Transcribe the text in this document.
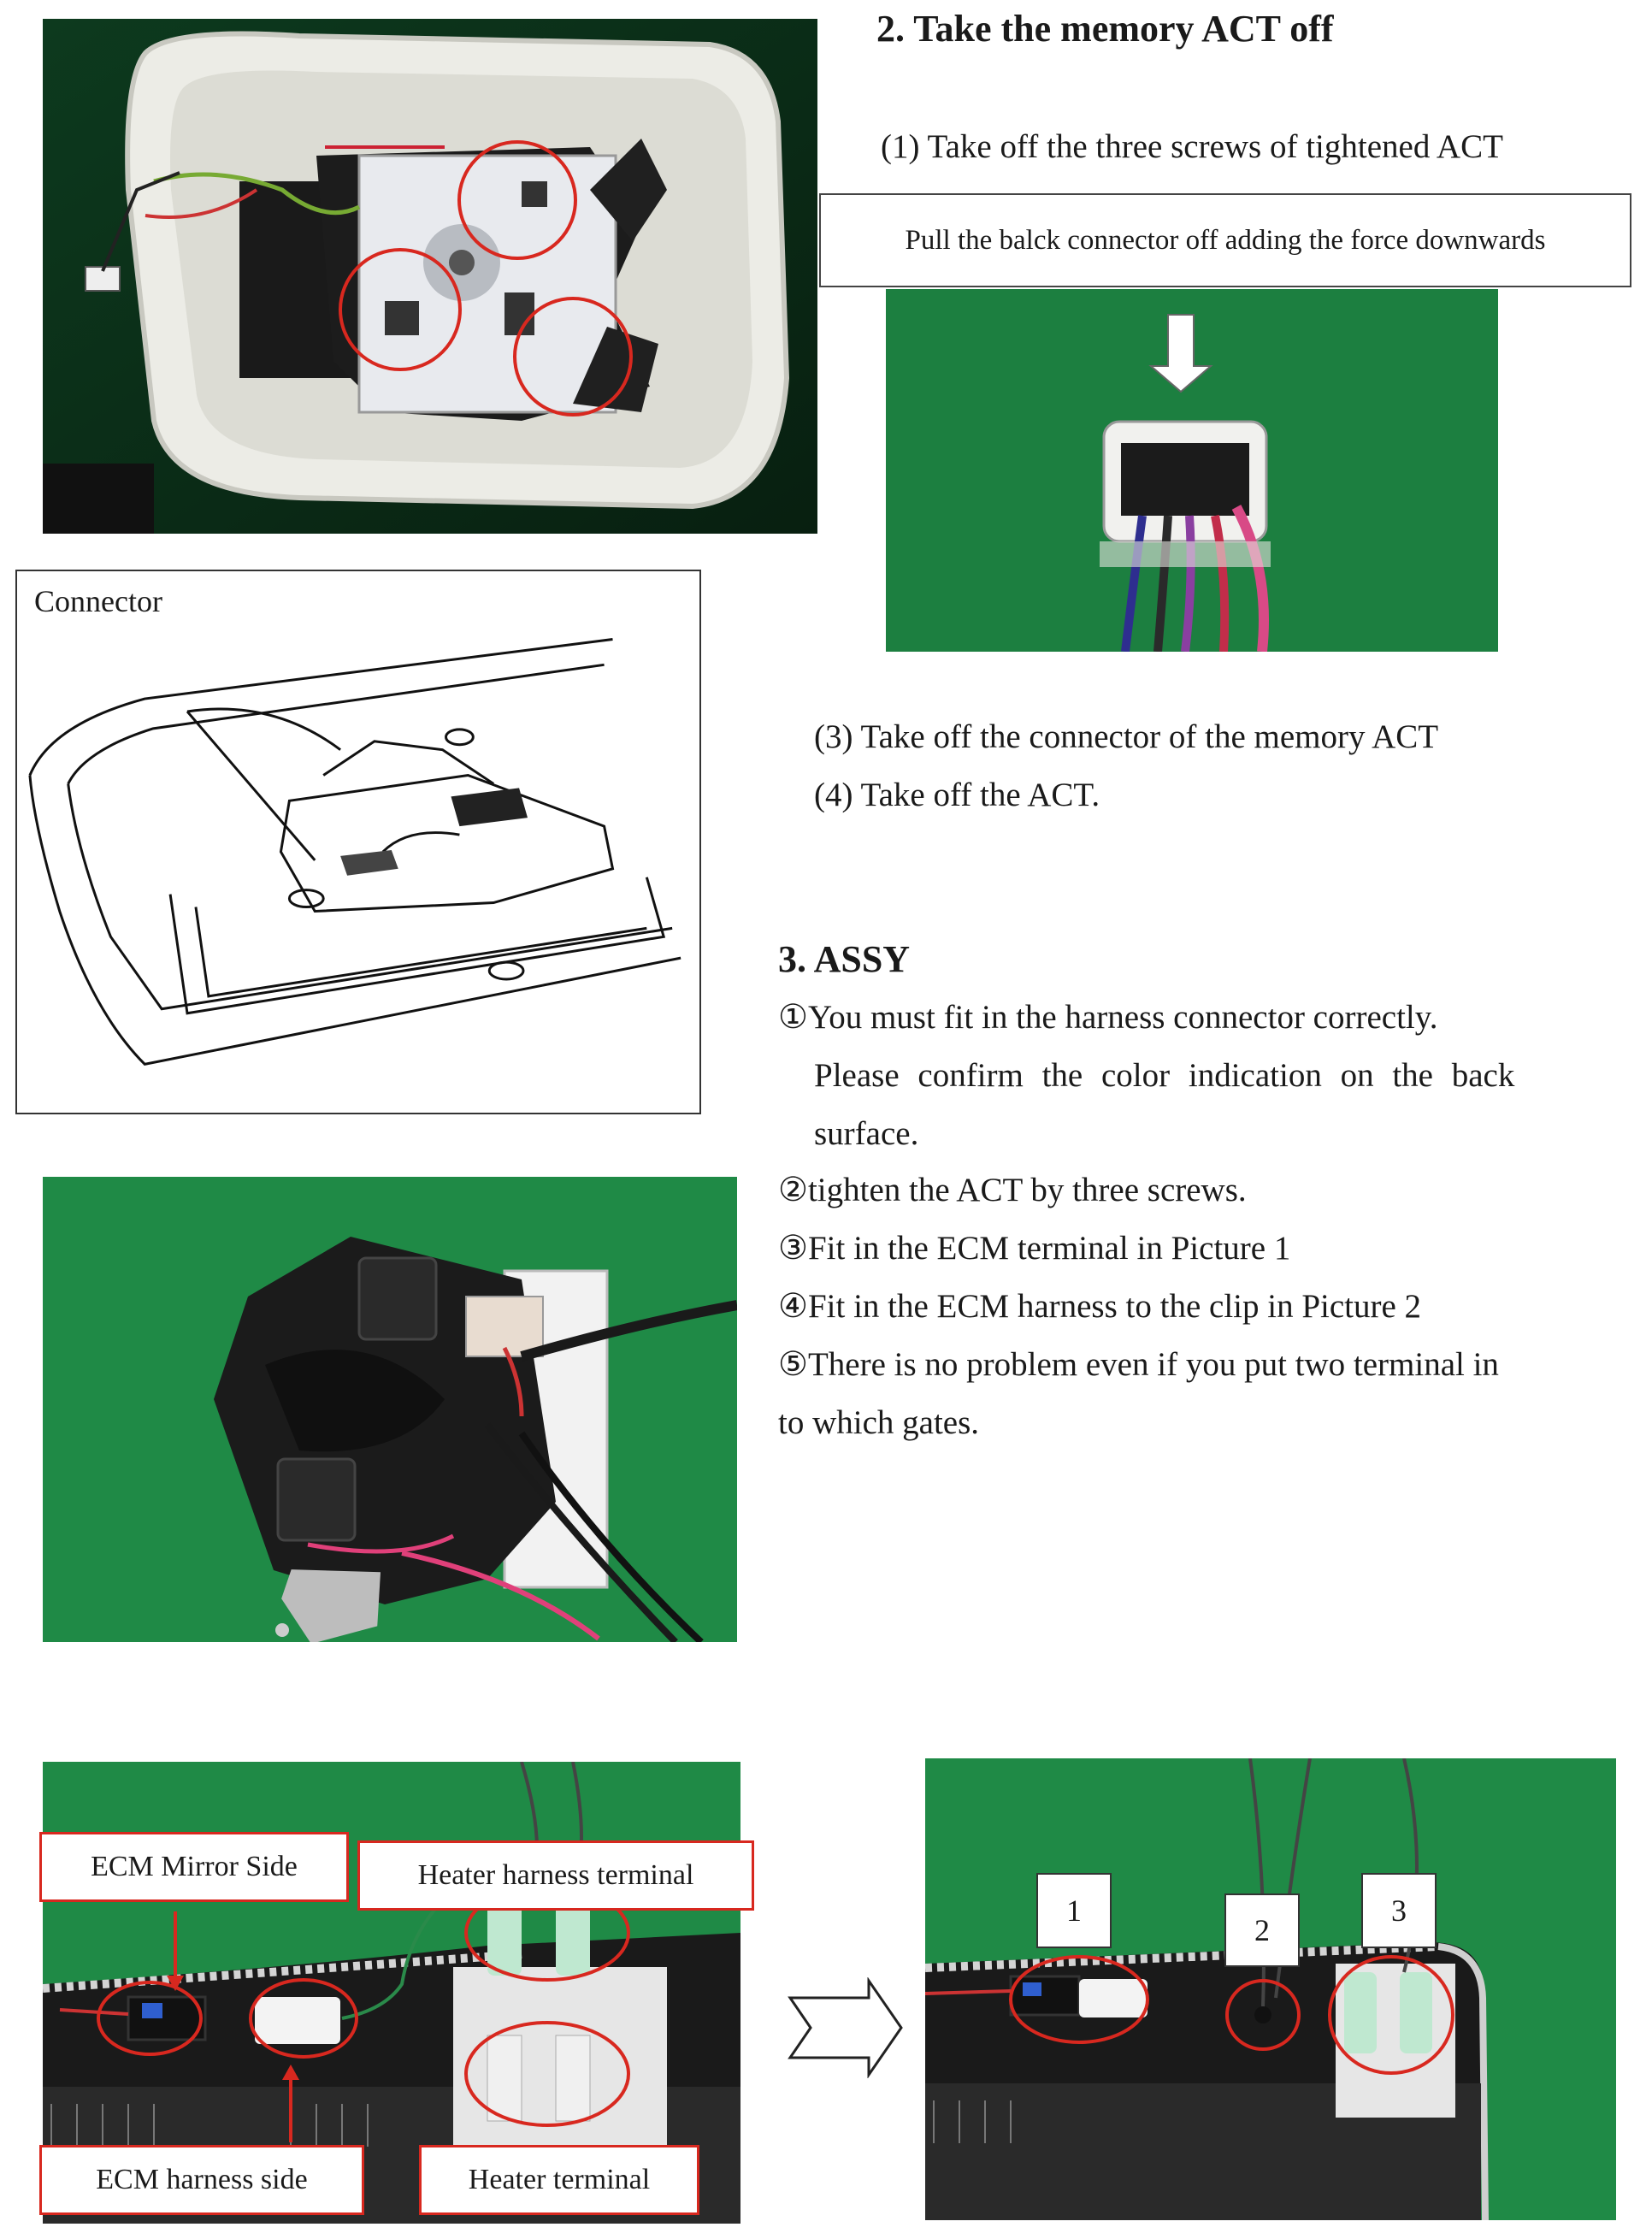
2. Take the memory ACT off
(1) Take off the three screws of tightened ACT
Pull the balck connector off adding the force downwards
Connector
(3) Take off the connector of the memory ACT
(4) Take off the ACT.
3. ASSY
①You must fit in the harness connector correctly.
Please confirm the color indication on the back
surface.
②tighten the ACT by three screws.
③Fit in the ECM terminal in Picture 1
④Fit in the ECM harness to the clip in Picture 2
⑤There is no problem even if you put two terminal in
to which gates.
ECM Mirror Side	Heater harness terminal
ECM harness side	Heater terminal
1
2
3
